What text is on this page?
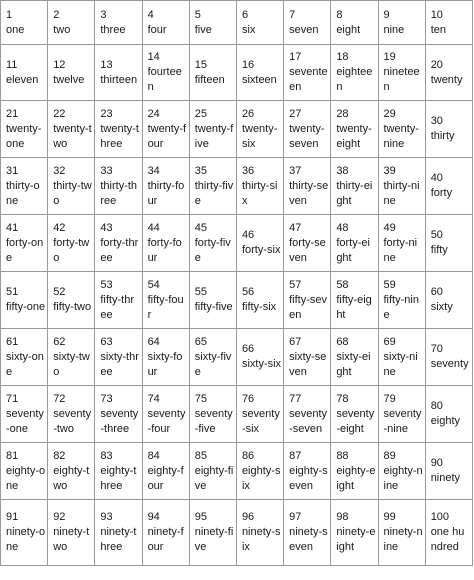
1
one	2
two	3
three	4
four	5
five	6
six	7
seven	8
eight	9
nine	10
ten

11
eleven	12
twelve	13
thirteen	14
fourteen	15
fifteen	16
sixteen	17
seventeen	18
eighteen	19
nineteen	20
twenty

21
twenty-one	22
twenty-two	23
twenty-three	24
twenty-four	25
twenty-five	26
twenty-six	27
twenty-seven	28
twenty-eight	29
twenty-nine	30
thirty

31
thirty-one	32
thirty-two	33
thirty-three	34
thirty-four	35
thirty-five	36
thirty-six	37
thirty-seven	38
thirty-eight	39
thirty-nine	40
forty

41
forty-one	42
forty-two	43
forty-three	44
forty-four	45
forty-five	46
forty-six	47
forty-seven	48
forty-eight	49
forty-nine	50
fifty

51
fifty-one	52
fifty-two	53
fifty-three	54
fifty-four	55
fifty-five	56
fifty-six	57
fifty-seven	58
fifty-eight	59
fifty-nine	60
sixty

61
sixty-one	62
sixty-two	63
sixty-three	64
sixty-four	65
sixty-five	66
sixty-six	67
sixty-seven	68
sixty-eight	69
sixty-nine	70
seventy

71
seventy-one	72
seventy-two	73
seventy-three	74
seventy-four	75
seventy-five	76
seventy-six	77
seventy-seven	78
seventy-eight	79
seventy-nine	80
eighty

81
eighty-one	82
eighty-two	83
eighty-three	84
eighty-four	85
eighty-five	86
eighty-six	87
eighty-seven	88
eighty-eight	89
eighty-nine	90
ninety

91
ninety-one	92
ninety-two	93
ninety-three	94
ninety-four	95
ninety-five	96
ninety-six	97
ninety-seven	98
ninety-eight	99
ninety-nine	100
one hundred
